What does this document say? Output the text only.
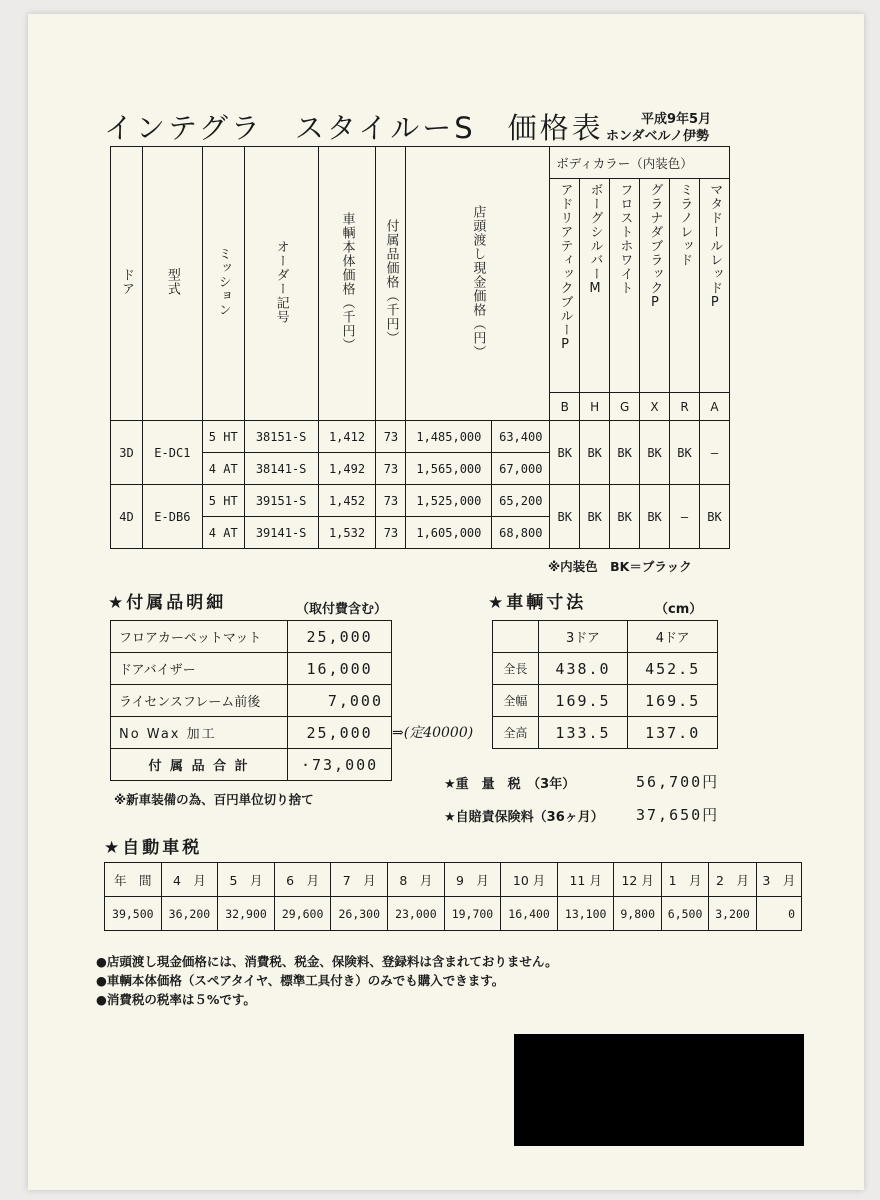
インテグラ　スタイルーS　価格表	平成9年5月
ホンダベルノ伊勢
ドア	型式	ミッション	オーダー記号	車輌本体価格（千円）	付属品価格（千円）	店頭渡し現金価格（円）		ボディカラー（内装色）					
								アドリアティックブルーP	ボーグシルバーM	フロストホワイト	グラナダブラックP	ミラノレッド	マタドールレッドP
								B	H	G	X	R	A
3D	E-DC1	5 HT	38151-S	1,412	73	1,485,000	63,400	BK	BK	BK	BK	BK	—
		4 AT	38141-S	1,492	73	1,565,000	67,000						
4D	E-DB6	5 HT	39151-S	1,452	73	1,525,000	65,200	BK	BK	BK	BK	—	BK
		4 AT	39141-S	1,532	73	1,605,000	68,800						
※内装色　BK＝ブラック
★付属品明細	（取付費含む）
フロアカーペットマット	25,000
ドアバイザー	16,000
ライセンスフレーム前後	7,000
No Wax 加工	25,000
付 属 品 合 計	·73,000
⇒(定40000)
※新車装備の為、百円単位切り捨て
★車輌寸法	（cm）
	3ドア	4ドア
全長	438.0	452.5
全幅	169.5	169.5
全高	133.5	137.0
★重　量　税　（3年）	56,700円
★自賠責保険料（36ヶ月） 37,650円
★自動車税
年　間	4　月	5　月	6　月	7　月	8　月	9　月	10 月	11 月	12 月	1　月	2　月	3　月
39,500	36,200	32,900	29,600	26,300	23,000	19,700	16,400	13,100	9,800	6,500	3,200	0
●店頭渡し現金価格には、消費税、税金、保険料、登録料は含まれておりません。
●車輌本体価格（スペアタイヤ、標準工具付き）のみでも購入できます。
●消費税の税率は５%です。
